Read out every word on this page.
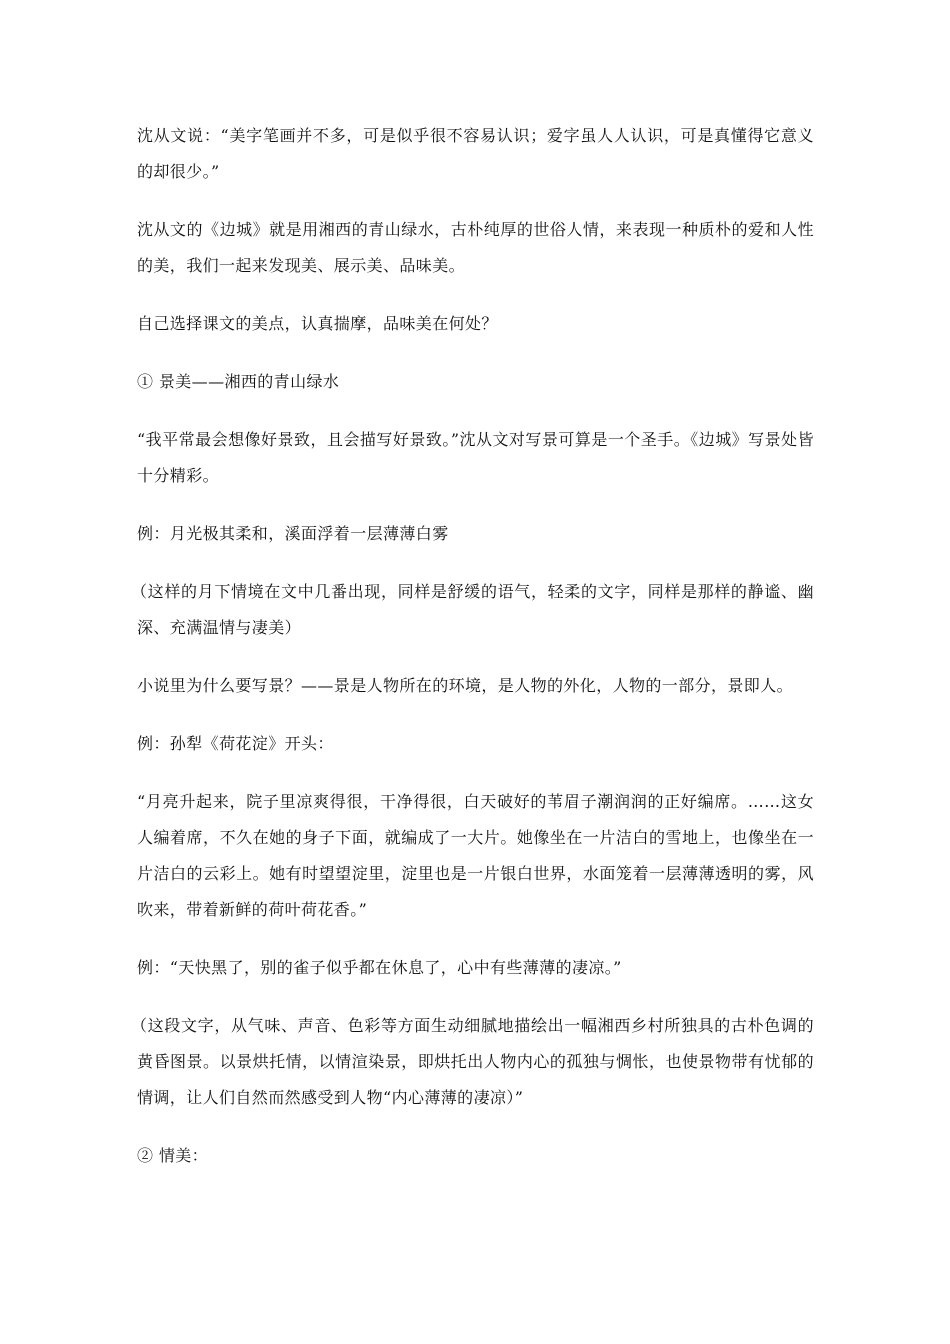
沈从文说：“美字笔画并不多，可是似乎很不容易认识；爱字虽人人认识，可是真懂得它意义的却很少。”

沈从文的《边城》就是用湘西的青山绿水，古朴纯厚的世俗人情，来表现一种质朴的爱和人性的美，我们一起来发现美、展示美、品味美。

自己选择课文的美点，认真揣摩，品味美在何处？

① 景美——湘西的青山绿水

“我平常最会想像好景致，且会描写好景致。”沈从文对写景可算是一个圣手。《边城》写景处皆十分精彩。

例：月光极其柔和，溪面浮着一层薄薄白雾

（这样的月下情境在文中几番出现，同样是舒缓的语气，轻柔的文字，同样是那样的静谧、幽深、充满温情与凄美）

小说里为什么要写景？——景是人物所在的环境，是人物的外化，人物的一部分，景即人。

例：孙犁《荷花淀》开头：

“月亮升起来，院子里凉爽得很，干净得很，白天破好的苇眉子潮润润的正好编席。……这女人编着席，不久在她的身子下面，就编成了一大片。她像坐在一片洁白的雪地上，也像坐在一片洁白的云彩上。她有时望望淀里，淀里也是一片银白世界，水面笼着一层薄薄透明的雾，风吹来，带着新鲜的荷叶荷花香。”

例：“天快黑了，别的雀子似乎都在休息了，心中有些薄薄的凄凉。”

（这段文字，从气味、声音、色彩等方面生动细腻地描绘出一幅湘西乡村所独具的古朴色调的黄昏图景。以景烘托情，以情渲染景，即烘托出人物内心的孤独与惆怅，也使景物带有忧郁的情调，让人们自然而然感受到人物“内心薄薄的凄凉）”

② 情美：
